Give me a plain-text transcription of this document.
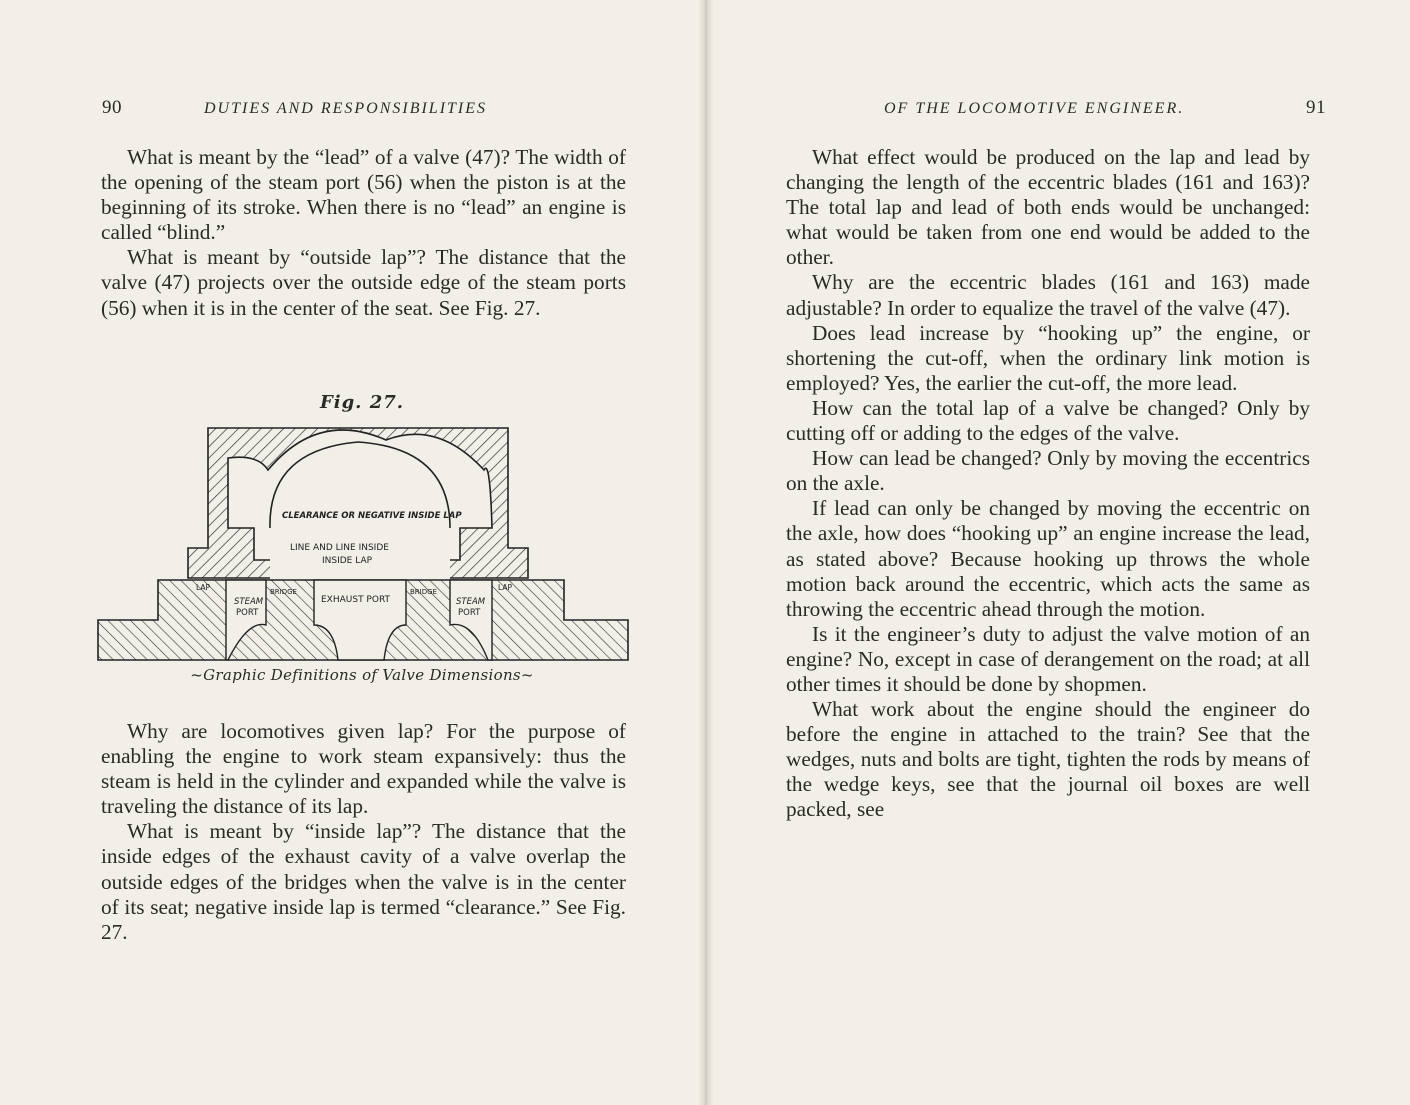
90	DUTIES AND RESPONSIBILITIES

What is meant by the “lead” of a valve (47)? The width of the opening of the steam port (56) when the piston is at the beginning of its stroke. When there is no “lead” an engine is called “blind.”

What is meant by “outside lap”? The distance that the valve (47) projects over the outside edge of the steam ports (56) when it is in the center of the seat. See Fig. 27.

Fig. 27.
CLEARANCE OR NEGATIVE INSIDE LAP
LINE AND LINE INSIDE
INSIDE LAP
EXHAUST PORT
STEAM
PORT
STEAM
PORT
BRIDGE	BRIDGE
LAP	LAP
~Graphic Definitions of Valve Dimensions~

Why are locomotives given lap? For the purpose of enabling the engine to work steam expansively: thus the steam is held in the cylinder and expanded while the valve is traveling the distance of its lap.

What is meant by “inside lap”? The distance that the inside edges of the exhaust cavity of a valve overlap the outside edges of the bridges when the valve is in the center of its seat; negative inside lap is termed “clearance.” See Fig. 27.

OF THE LOCOMOTIVE ENGINEER.	91

What effect would be produced on the lap and lead by changing the length of the eccentric blades (161 and 163)? The total lap and lead of both ends would be unchanged: what would be taken from one end would be added to the other.

Why are the eccentric blades (161 and 163) made adjustable? In order to equalize the travel of the valve (47).

Does lead increase by “hooking up” the engine, or shortening the cut-off, when the ordinary link motion is employed? Yes, the earlier the cut-off, the more lead.

How can the total lap of a valve be changed? Only by cutting off or adding to the edges of the valve.

How can lead be changed? Only by moving the eccentrics on the axle.

If lead can only be changed by moving the eccentric on the axle, how does “hooking up” an engine increase the lead, as stated above? Because hooking up throws the whole motion back around the eccentric, which acts the same as throwing the eccentric ahead through the motion.

Is it the engineer’s duty to adjust the valve motion of an engine? No, except in case of derangement on the road; at all other times it should be done by shopmen.

What work about the engine should the engineer do before the engine in attached to the train? See that the wedges, nuts and bolts are tight, tighten the rods by means of the wedge keys, see that the journal oil boxes are well packed, see
